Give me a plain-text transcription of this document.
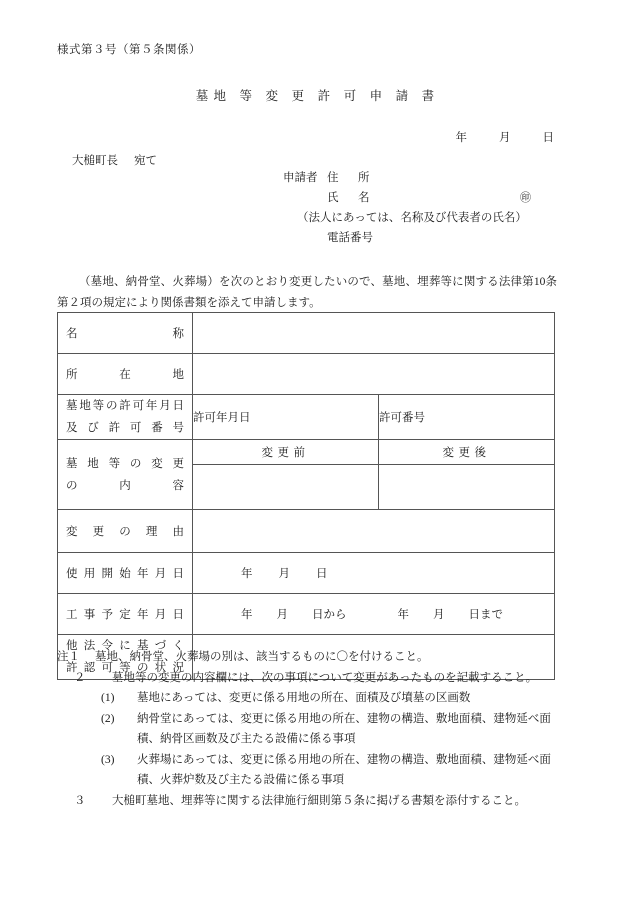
様式第３号（第５条関係）
墓地 等 変 更 許 可 申 請 書
年	月	日
大槌町長 宛て
申請者 住　所
氏　名	㊞
（法人にあっては、名称及び代表者の氏名）
電話番号
（墓地、納骨堂、火葬場）を次のとおり変更したいので、墓地、埋葬等に関する法律第10条第２項の規定により関係書類を添えて申請します。
名 称		

所 在 地		

墓 地 等 の 許 可 年 月 日
及 び 許 可 番 号
	許可年月日	許可番号

墓 地 等 の 変 更
の	内	容
	変更前	変更後

変 更 の 理 由		

使 用 開 始 年 月 日	年 月 日

工 事 予 定 年 月 日	年 月 日から	年 月 日まで

他 法 令 に 基 づ く
許 認 可 等 の 状 況

注１	墓地、納骨堂、火葬場の別は、該当するものに〇を付けること。
２	墓地等の変更の内容欄には、次の事項について変更があったものを記載すること。
(1)	墓地にあっては、変更に係る用地の所在、面積及び墳墓の区画数
(2)	納骨堂にあっては、変更に係る用地の所在、建物の構造、敷地面積、建物延べ面
積、納骨区画数及び主たる設備に係る事項
(3)	火葬場にあっては、変更に係る用地の所在、建物の構造、敷地面積、建物延べ面
積、火葬炉数及び主たる設備に係る事項
３	大槌町墓地、埋葬等に関する法律施行細則第５条に掲げる書類を添付すること。
